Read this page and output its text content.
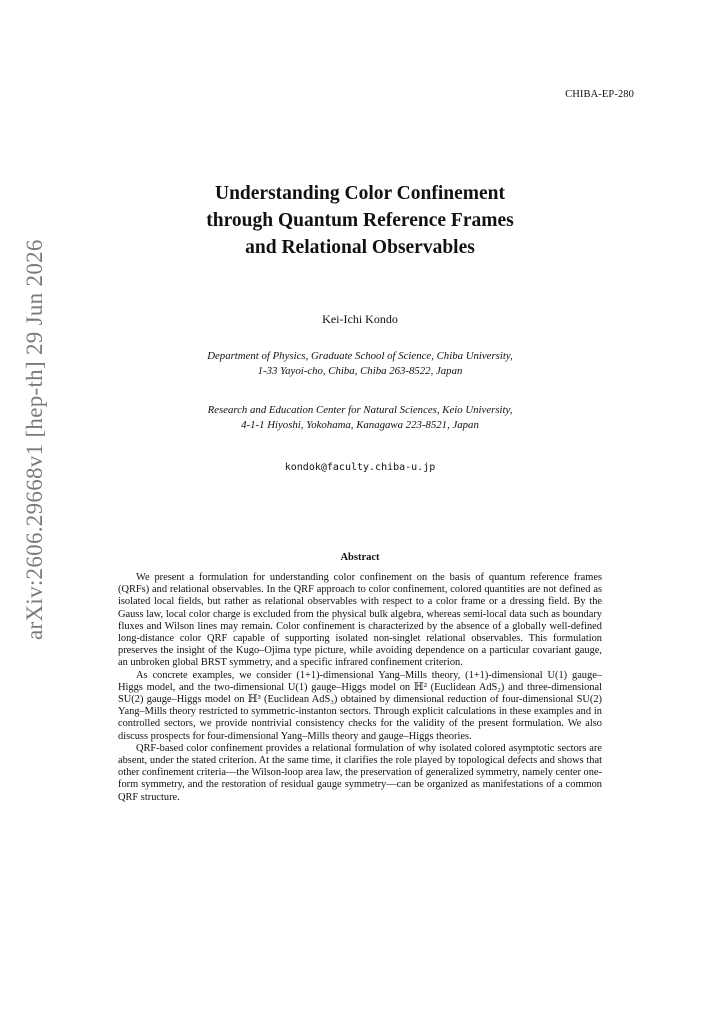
CHIBA-EP-280
arXiv:2606.29668v1 [hep-th] 29 Jun 2026
Understanding Color Confinement
through Quantum Reference Frames
and Relational Observables
Kei-Ichi Kondo
Department of Physics, Graduate School of Science, Chiba University,
1-33 Yayoi-cho, Chiba, Chiba 263-8522, Japan
Research and Education Center for Natural Sciences, Keio University,
4-1-1 Hiyoshi, Yokohama, Kanagawa 223-8521, Japan
kondok@faculty.chiba-u.jp
Abstract

We present a formulation for understanding color confinement on the basis of quantum reference frames (QRFs) and relational observables. In the QRF approach to color confinement, colored quantities are not defined as isolated local fields, but rather as relational observables with respect to a color frame or a dressing field. By the Gauss law, local color charge is excluded from the physical bulk algebra, whereas semi-local data such as boundary fluxes and Wilson lines may remain. Color confinement is characterized by the absence of a globally well-defined long-distance color QRF capable of supporting isolated non-singlet relational observables. This formulation preserves the insight of the Kugo–Ojima type picture, while avoiding dependence on a particular covariant gauge, an unbroken global BRST symmetry, and a specific infrared confinement criterion.

As concrete examples, we consider (1+1)-dimensional Yang–Mills theory, (1+1)-dimensional U(1) gauge–Higgs model, and the two-dimensional U(1) gauge–Higgs model on ℍ² (Euclidean AdS₂) and three-dimensional SU(2) gauge–Higgs model on ℍ³ (Euclidean AdS₃) obtained by dimensional reduction of four-dimensional SU(2) Yang–Mills theory restricted to symmetric-instanton sectors. Through explicit calculations in these examples and in controlled sectors, we provide nontrivial consistency checks for the validity of the present formulation. We also discuss prospects for four-dimensional Yang–Mills theory and gauge–Higgs theories.

QRF-based color confinement provides a relational formulation of why isolated colored asymptotic sectors are absent, under the stated criterion. At the same time, it clarifies the role played by topological defects and shows that other confinement criteria—the Wilson-loop area law, the preservation of generalized symmetry, namely center one-form symmetry, and the restoration of residual gauge symmetry—can be organized as manifestations of a common QRF structure.
